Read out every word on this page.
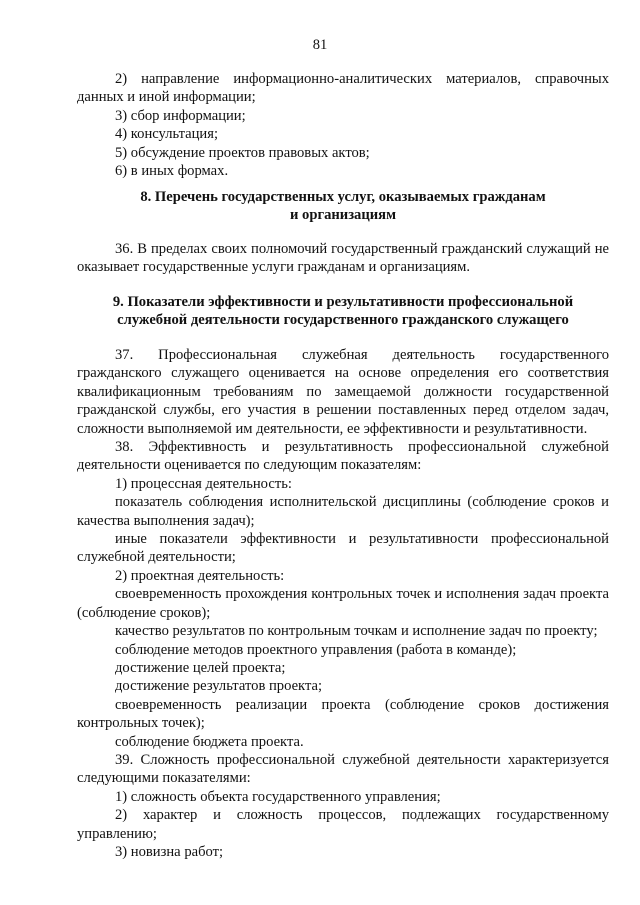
81

2) направление информационно-аналитических материалов, справочных данных и иной информации;

3) сбор информации;

4) консультация;

5) обсуждение проектов правовых актов;

6) в иных формах.

8. Перечень государственных услуг, оказываемых гражданам

и организациям

36. В пределах своих полномочий государственный гражданский служащий не оказывает государственные услуги гражданам и организациям.

9. Показатели эффективности и результативности профессиональной

служебной деятельности государственного гражданского служащего

37. Профессиональная служебная деятельность государственного гражданского служащего оценивается на основе определения его соответствия квалификационным требованиям по замещаемой должности государственной гражданской службы, его участия в решении поставленных перед отделом задач, сложности выполняемой им деятельности, ее эффективности и результативности.

38. Эффективность и результативность профессиональной служебной деятельности оценивается по следующим показателям:

1) процессная деятельность:

показатель соблюдения исполнительской дисциплины (соблюдение сроков и качества выполнения задач);

иные показатели эффективности и результативности профессиональной служебной деятельности;

2) проектная деятельность:

своевременность прохождения контрольных точек и исполнения задач проекта (соблюдение сроков);

качество результатов по контрольным точкам и исполнение задач по проекту;

соблюдение методов проектного управления (работа в команде);

достижение целей проекта;

достижение результатов проекта;

своевременность реализации проекта (соблюдение сроков достижения контрольных точек);

соблюдение бюджета проекта.

39. Сложность профессиональной служебной деятельности характеризуется следующими показателями:

1) сложность объекта государственного управления;

2) характер и сложность процессов, подлежащих государственному управлению;

3) новизна работ;
